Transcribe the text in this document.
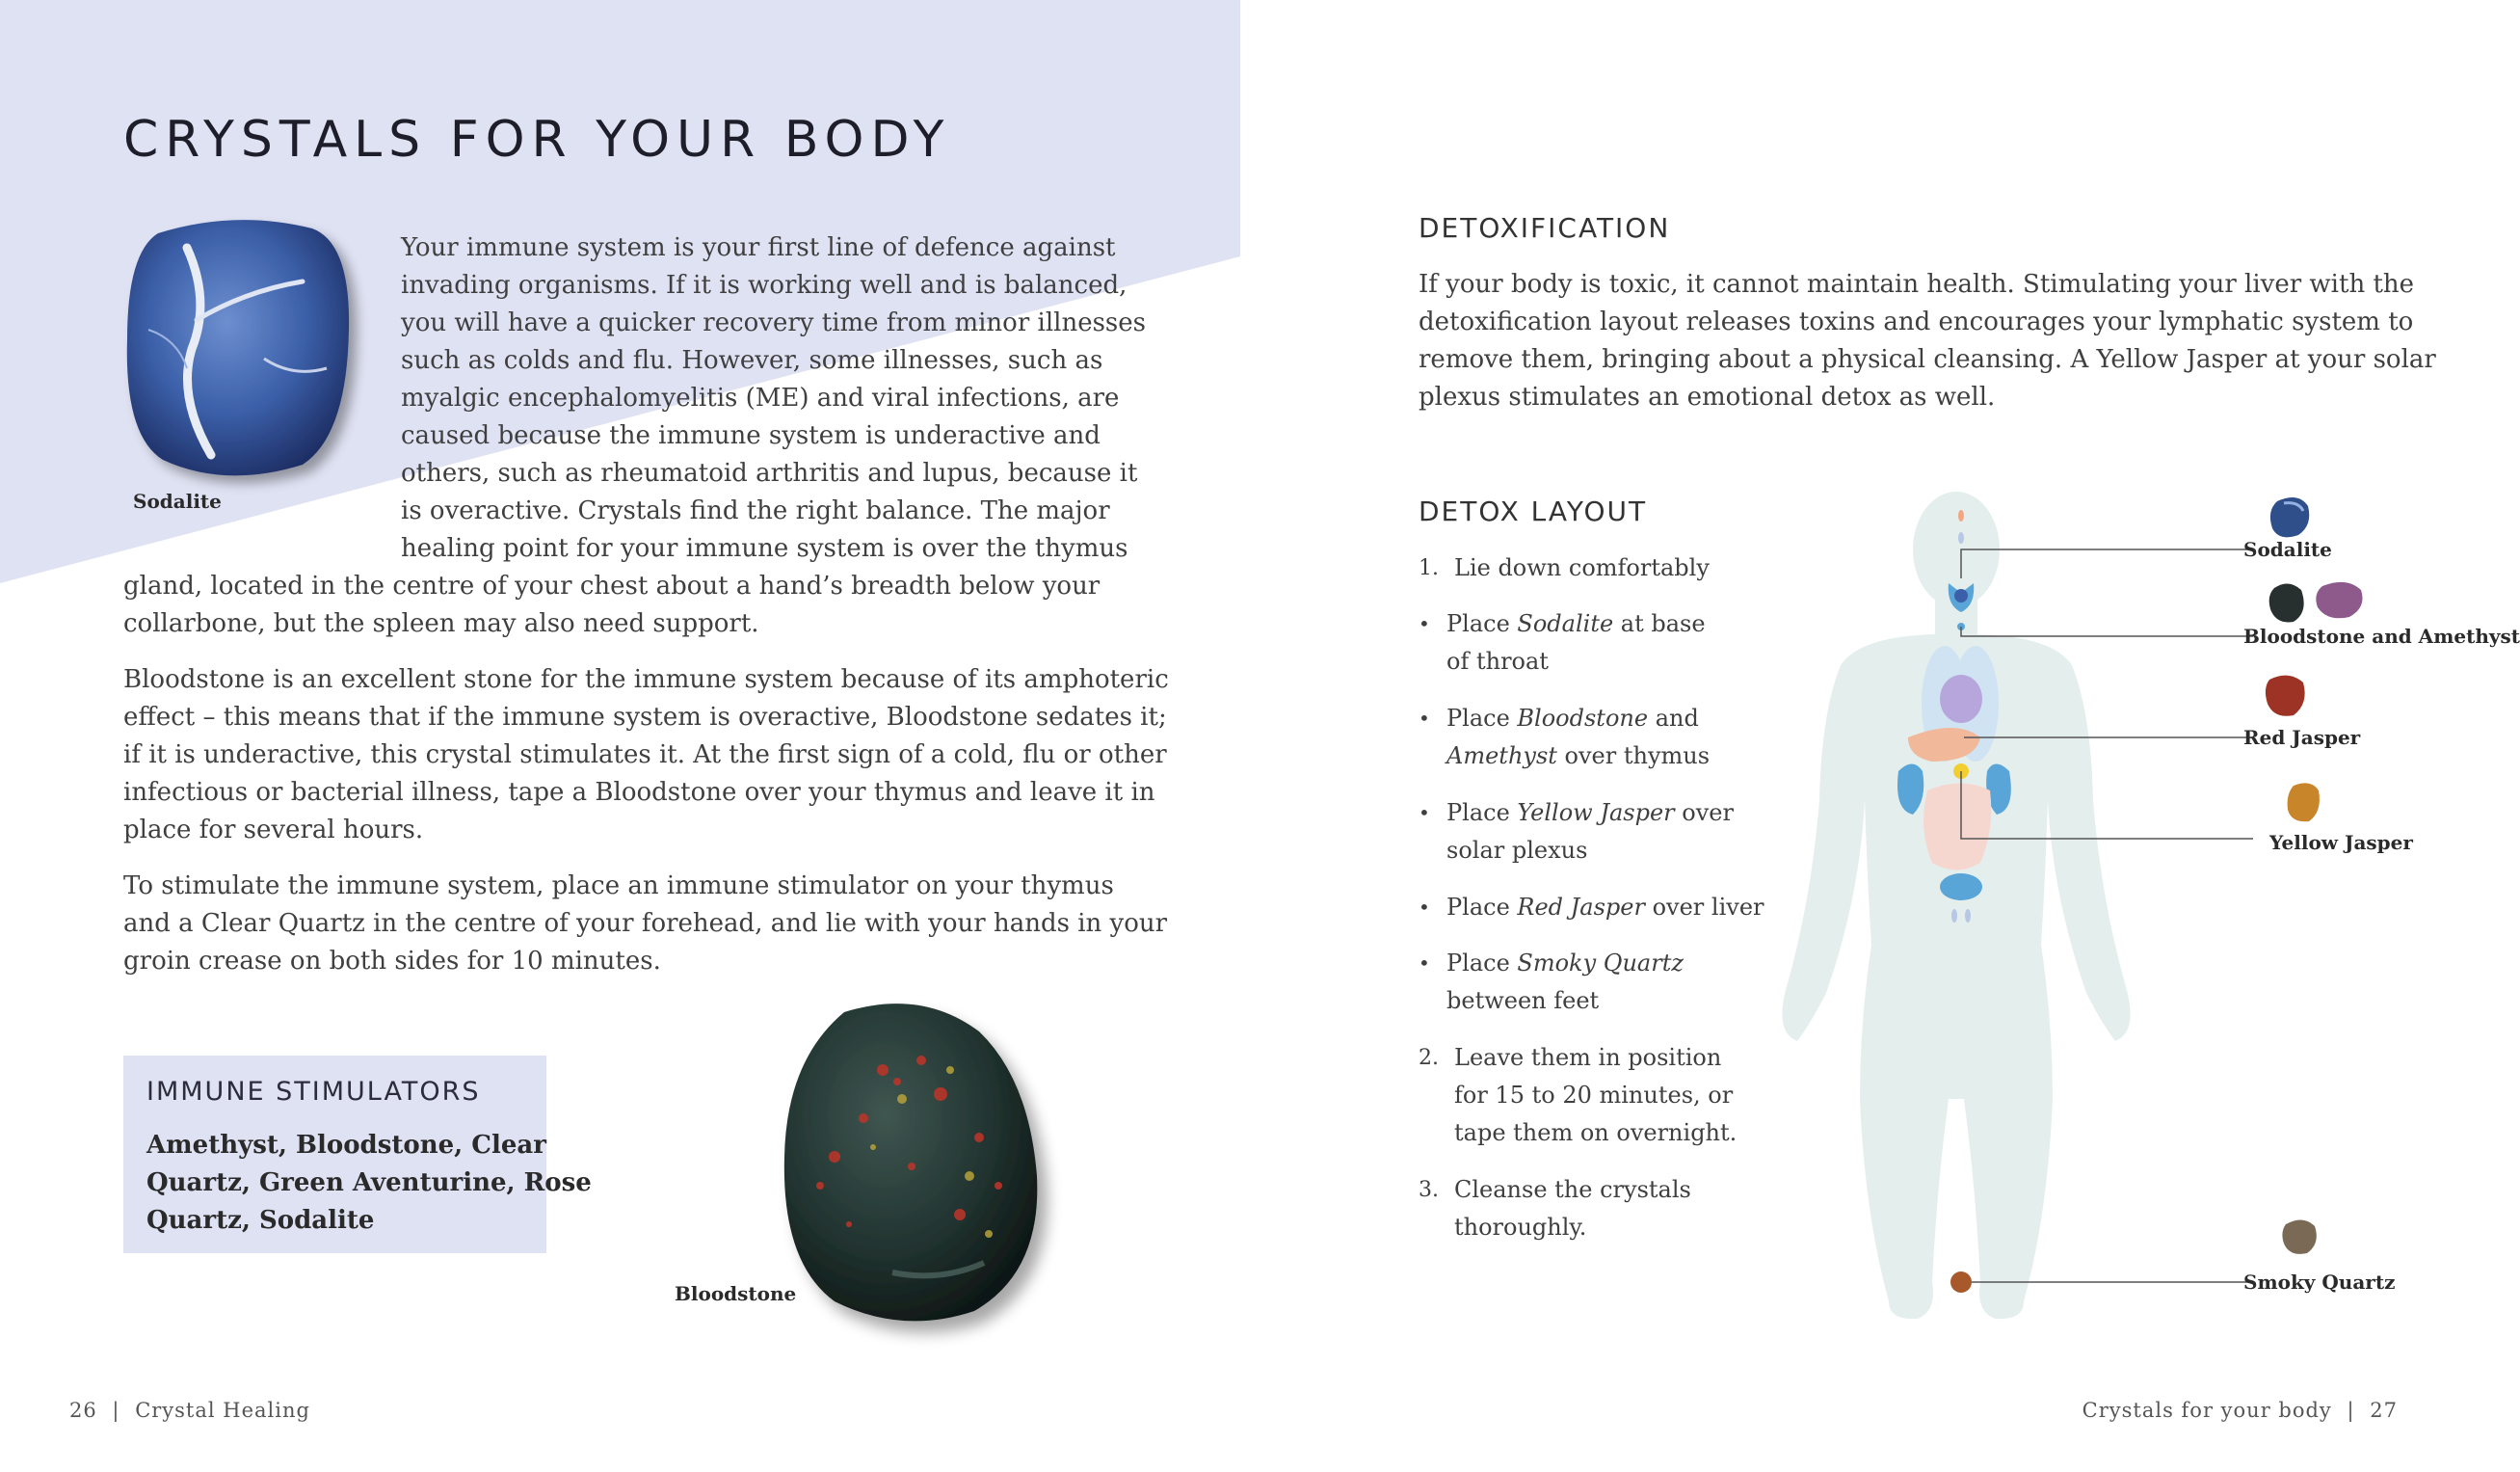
CRYSTALS FOR YOUR BODY
Sodalite
Your immune system is your first line of defence against
invading organisms. If it is working well and is balanced,
you will have a quicker recovery time from minor illnesses
such as colds and flu. However, some illnesses, such as
myalgic encephalomyelitis (ME) and viral infections, are
caused because the immune system is underactive and
others, such as rheumatoid arthritis and lupus, because it
is overactive. Crystals find the right balance. The major
healing point for your immune system is over the thymus
gland, located in the centre of your chest about a hand’s breadth below your
collarbone, but the spleen may also need support.
Bloodstone is an excellent stone for the immune system because of its amphoteric
effect – this means that if the immune system is overactive, Bloodstone sedates it;
if it is underactive, this crystal stimulates it. At the first sign of a cold, flu or other
infectious or bacterial illness, tape a Bloodstone over your thymus and leave it in
place for several hours.
To stimulate the immune system, place an immune stimulator on your thymus
and a Clear Quartz in the centre of your forehead, and lie with your hands in your
groin crease on both sides for 10 minutes.
IMMUNE STIMULATORS
Amethyst, Bloodstone, Clear
Quartz, Green Aventurine, Rose
Quartz, Sodalite
Bloodstone
26 | Crystal Healing
DETOXIFICATION
If your body is toxic, it cannot maintain health. Stimulating your liver with the
detoxification layout releases toxins and encourages your lymphatic system to
remove them, bringing about a physical cleansing. A Yellow Jasper at your solar
plexus stimulates an emotional detox as well.
DETOX LAYOUT
1. Lie down comfortably
• Place Sodalite at base
of throat
• Place Bloodstone and
Amethyst over thymus
• Place Yellow Jasper over
solar plexus
• Place Red Jasper over liver
• Place Smoky Quartz
between feet
2. Leave them in position
for 15 to 20 minutes, or
tape them on overnight.
3. Cleanse the crystals
thoroughly.
Sodalite
Bloodstone and Amethyst
Red Jasper
Yellow Jasper
Smoky Quartz
Crystals for your body | 27
